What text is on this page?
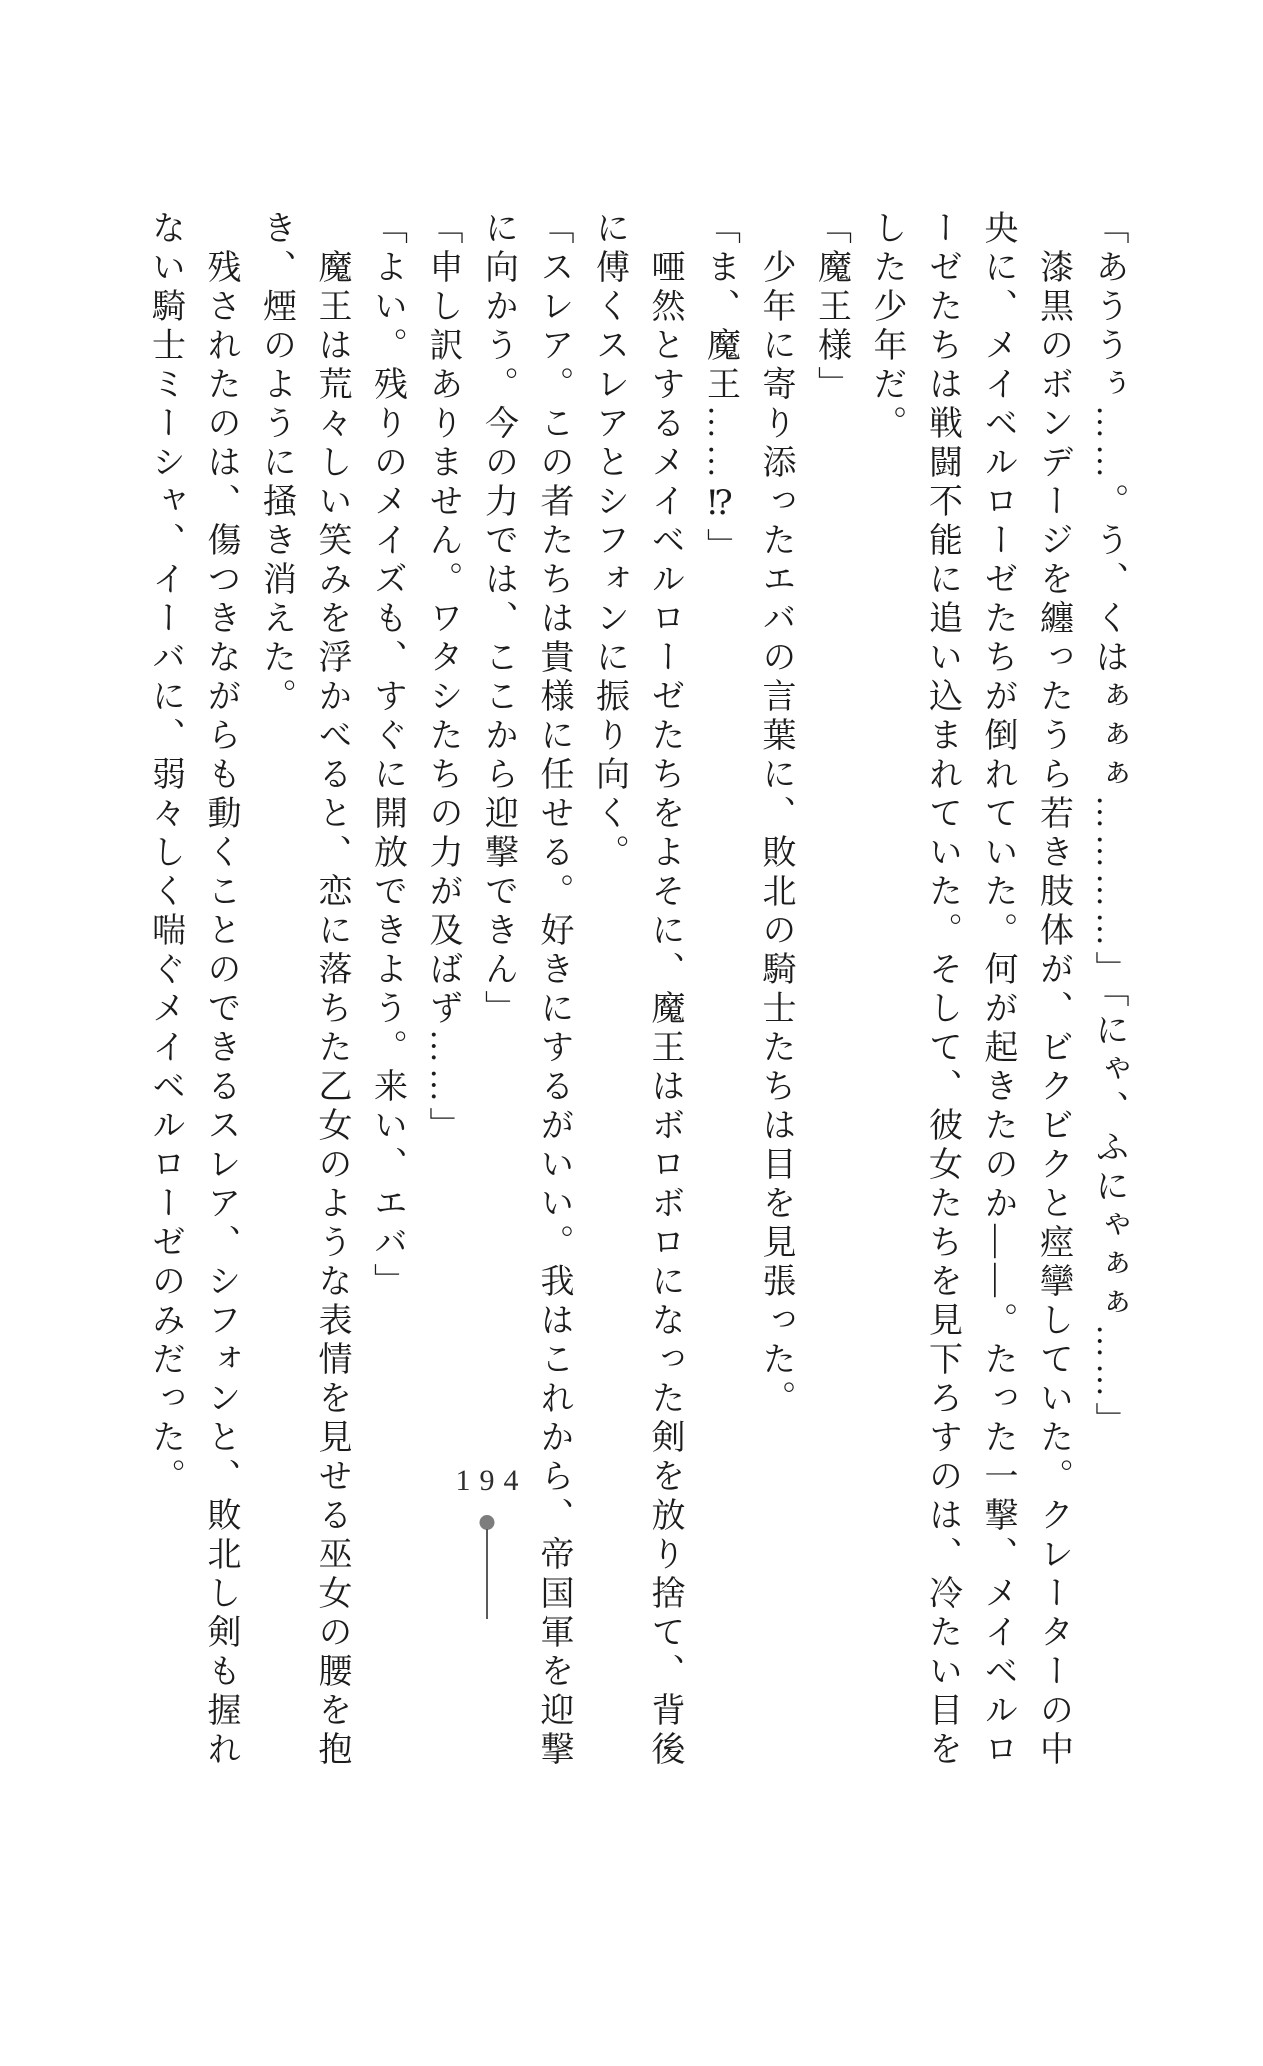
「あううぅ……。う、くはぁぁぁ…………」「にゃ、ふにゃぁぁ……」

　漆黒のボンデージを纏ったうら若き肢体が、ビクビクと痙攣していた。クレーターの中

央に、メイベルローゼたちが倒れていた。何が起きたのか――。たった一撃、メイベルロ

ーゼたちは戦闘不能に追い込まれていた。そして、彼女たちを見下ろすのは、冷たい目を

した少年だ。

「魔王様」

　少年に寄り添ったエバの言葉に、敗北の騎士たちは目を見張った。

「ま、魔王……⁉」

　唖然とするメイベルローゼたちをよそに、魔王はボロボロになった剣を放り捨て、背後

に傅くスレアとシフォンに振り向く。

「スレア。この者たちは貴様に任せる。好きにするがいい。我はこれから、帝国軍を迎撃

に向かう。今の力では、ここから迎撃できん」

「申し訳ありません。ワタシたちの力が及ばず……」

「よい。残りのメイズも、すぐに開放できよう。来い、エバ」

　魔王は荒々しい笑みを浮かべると、恋に落ちた乙女のような表情を見せる巫女の腰を抱

き、煙のように掻き消えた。

　残されたのは、傷つきながらも動くことのできるスレア、シフォンと、敗北し剣も握れ

ない騎士ミーシャ、イーバに、弱々しく喘ぐメイベルローゼのみだった。	194
